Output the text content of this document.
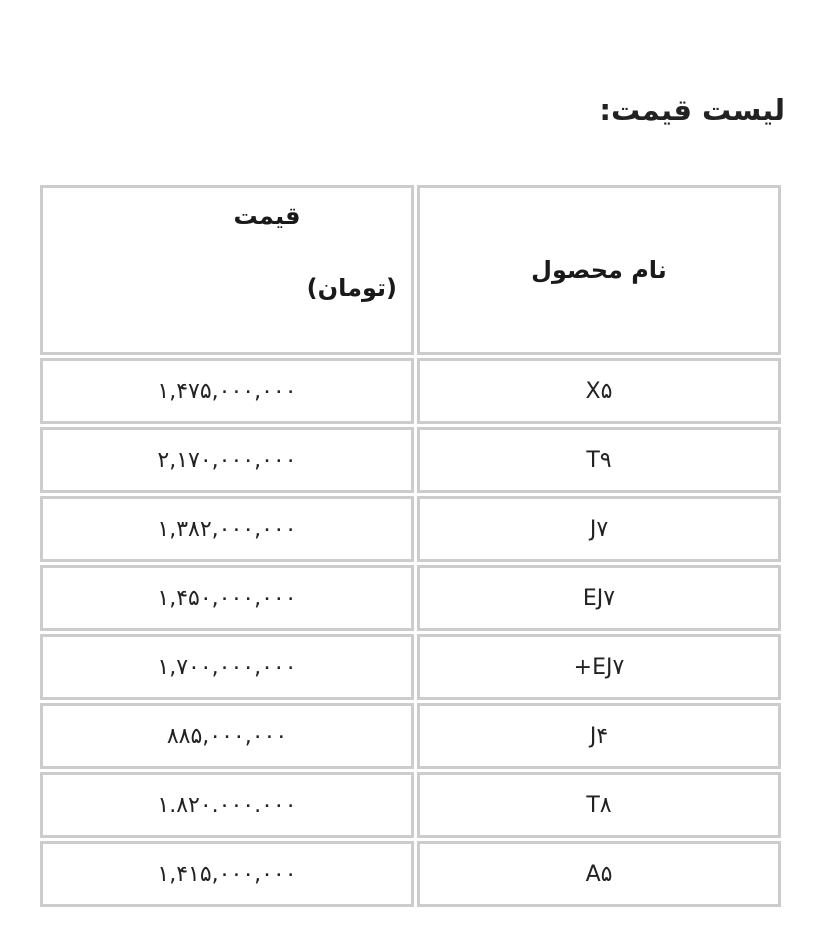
لیست قیمت:
نام محصول	قیمت
(تومان)

X۵	۱,۴۷۵,۰۰۰,۰۰۰
T۹	۲,۱۷۰,۰۰۰,۰۰۰
J۷	۱,۳۸۲,۰۰۰,۰۰۰
EJ۷	۱,۴۵۰,۰۰۰,۰۰۰
+EJ۷	۱,۷۰۰,۰۰۰,۰۰۰
J۴	۸۸۵,۰۰۰,۰۰۰
T۸	۱.۸۲۰.۰۰۰.۰۰۰
A۵	۱,۴۱۵,۰۰۰,۰۰۰
